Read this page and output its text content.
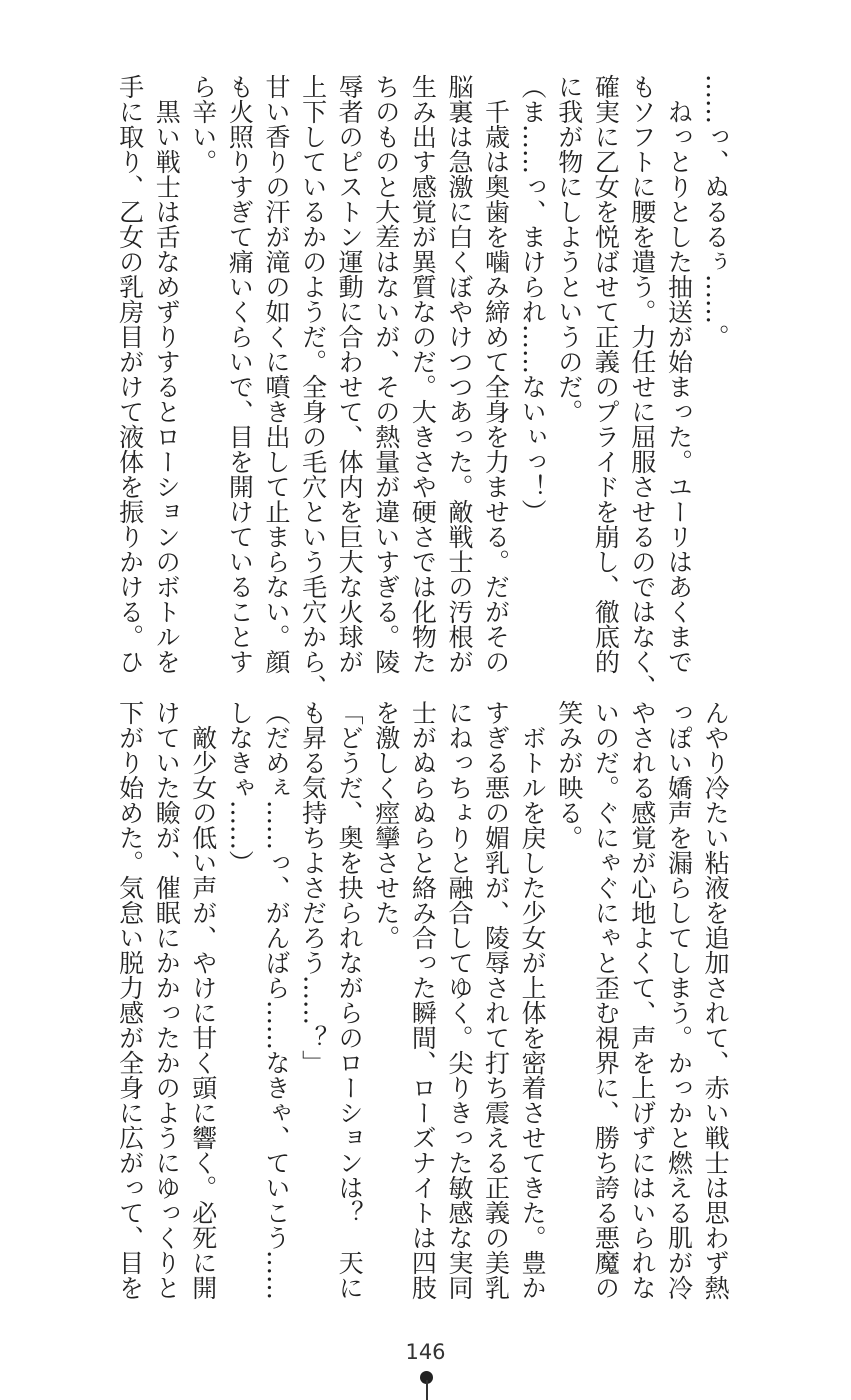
……っ、ぬるるぅ……。
　ねっとりとした抽送が始まった。ユーリはあくまで
もソフトに腰を遣う。力任せに屈服させるのではなく、
確実に乙女を悦ばせて正義のプライドを崩し、徹底的
に我が物にしようというのだ。
（ま……っ、まけられ……ないぃっ！）
　千歳は奥歯を噛み締めて全身を力ませる。だがその
脳裏は急激に白くぼやけつつあった。敵戦士の汚根が
生み出す感覚が異質なのだ。大きさや硬さでは化物た
ちのものと大差はないが、その熱量が違いすぎる。陵
辱者のピストン運動に合わせて、体内を巨大な火球が
上下しているかのようだ。全身の毛穴という毛穴から、
甘い香りの汗が滝の如くに噴き出して止まらない。顔
も火照りすぎて痛いくらいで、目を開けていることす
ら辛い。
　黒い戦士は舌なめずりするとローションのボトルを
手に取り、乙女の乳房目がけて液体を振りかける。ひ
んやり冷たい粘液を追加されて、赤い戦士は思わず熱
っぽい嬌声を漏らしてしまう。かっかと燃える肌が冷
やされる感覚が心地よくて、声を上げずにはいられな
いのだ。ぐにゃぐにゃと歪む視界に、勝ち誇る悪魔の
笑みが映る。
　ボトルを戻した少女が上体を密着させてきた。豊か
すぎる悪の媚乳が、陵辱されて打ち震える正義の美乳
にねっちょりと融合してゆく。尖りきった敏感な実同
士がぬらぬらと絡み合った瞬間、ローズナイトは四肢
を激しく痙攣させた。
「どうだ、奥を抉られながらのローションは？　天に
も昇る気持ちよさだろう……？」
（だめぇ……っ、がんばら……なきゃ、ていこう……
しなきゃ……）
　敵少女の低い声が、やけに甘く頭に響く。必死に開
けていた瞼が、催眠にかかったかのようにゆっくりと
下がり始めた。気怠い脱力感が全身に広がって、目を
146
